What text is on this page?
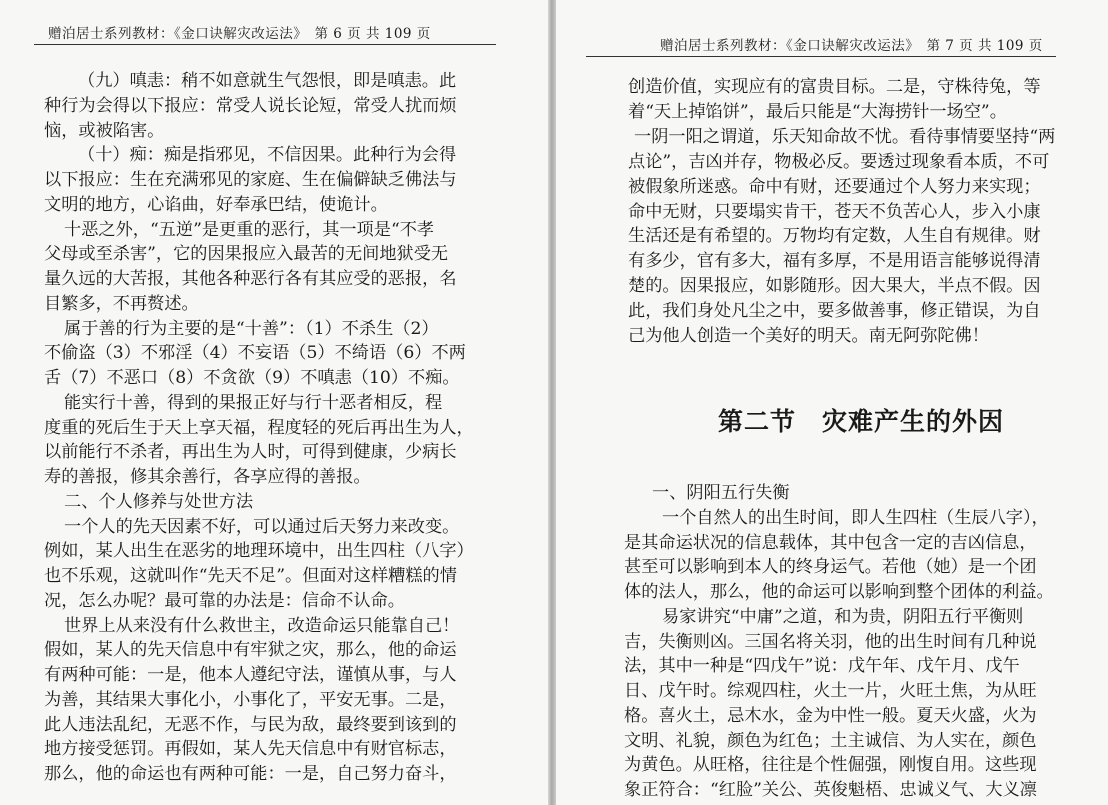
赠泊居士系列教材：《金口诀解灾改运法》　第 6 页 共 109 页
（九）嗔恚：稍不如意就生气怨恨，即是嗔恚。此
种行为会得以下报应：常受人说长论短，常受人扰而烦
恼，或被陷害。
（十）痴：痴是指邪见，不信因果。此种行为会得
以下报应：生在充满邪见的家庭、生在偏僻缺乏佛法与
文明的地方，心谄曲，好奉承巴结，使诡计。
十恶之外，“五逆”是更重的恶行，其一项是“不孝
父母或至杀害”，它的因果报应入最苦的无间地狱受无
量久远的大苦报，其他各种恶行各有其应受的恶报，名
目繁多，不再赘述。
属于善的行为主要的是“十善”：（1）不杀生（2）
不偷盗（3）不邪淫（4）不妄语（5）不绮语（6）不两
舌（7）不恶口（8）不贪欲（9）不嗔恚（10）不痴。
能实行十善，得到的果报正好与行十恶者相反，程
度重的死后生于天上享天福，程度轻的死后再出生为人，
以前能行不杀者，再出生为人时，可得到健康，少病长
寿的善报，修其余善行，各享应得的善报。
二、个人修养与处世方法
一个人的先天因素不好，可以通过后天努力来改变。
例如，某人出生在恶劣的地理环境中，出生四柱（八字）
也不乐观，这就叫作“先天不足”。但面对这样糟糕的情
况，怎么办呢？最可靠的办法是：信命不认命。
世界上从来没有什么救世主，改造命运只能靠自己！
假如，某人的先天信息中有牢狱之灾，那么，他的命运
有两种可能：一是，他本人遵纪守法，谨慎从事，与人
为善，其结果大事化小，小事化了，平安无事。二是，
此人违法乱纪，无恶不作，与民为敌，最终要到该到的
地方接受惩罚。再假如，某人先天信息中有财官标志，
那么，他的命运也有两种可能：一是，自己努力奋斗，
赠泊居士系列教材：《金口诀解灾改运法》　第 7 页 共 109 页
创造价值，实现应有的富贵目标。二是，守株待兔，等
着“天上掉馅饼”，最后只能是“大海捞针一场空”。
一阴一阳之谓道，乐天知命故不忧。看待事情要坚持“两
点论”，吉凶并存，物极必反。要透过现象看本质，不可
被假象所迷惑。命中有财，还要通过个人努力来实现；
命中无财，只要塌实肯干，苍天不负苦心人，步入小康
生活还是有希望的。万物均有定数，人生自有规律。财
有多少，官有多大，福有多厚，不是用语言能够说得清
楚的。因果报应，如影随形。因大果大，半点不假。因
此，我们身处凡尘之中，要多做善事，修正错误，为自
己为他人创造一个美好的明天。南无阿弥陀佛！
第二节　灾难产生的外因
一、阴阳五行失衡
一个自然人的出生时间，即人生四柱（生辰八字），
是其命运状况的信息载体，其中包含一定的吉凶信息，
甚至可以影响到本人的终身运气。若他（她）是一个团
体的法人，那么，他的命运可以影响到整个团体的利益。
易家讲究“中庸”之道，和为贵，阴阳五行平衡则
吉，失衡则凶。三国名将关羽，他的出生时间有几种说
法，其中一种是“四戊午”说：戊午年、戊午月、戊午
日、戊午时。综观四柱，火土一片，火旺土焦，为从旺
格。喜火土，忌木水，金为中性一般。夏天火盛，火为
文明、礼貌，颜色为红色；土主诚信、为人实在，颜色
为黄色。从旺格，往往是个性倔强，刚愎自用。这些现
象正符合：“红脸”关公、英俊魁梧、忠诚义气、大义凛
